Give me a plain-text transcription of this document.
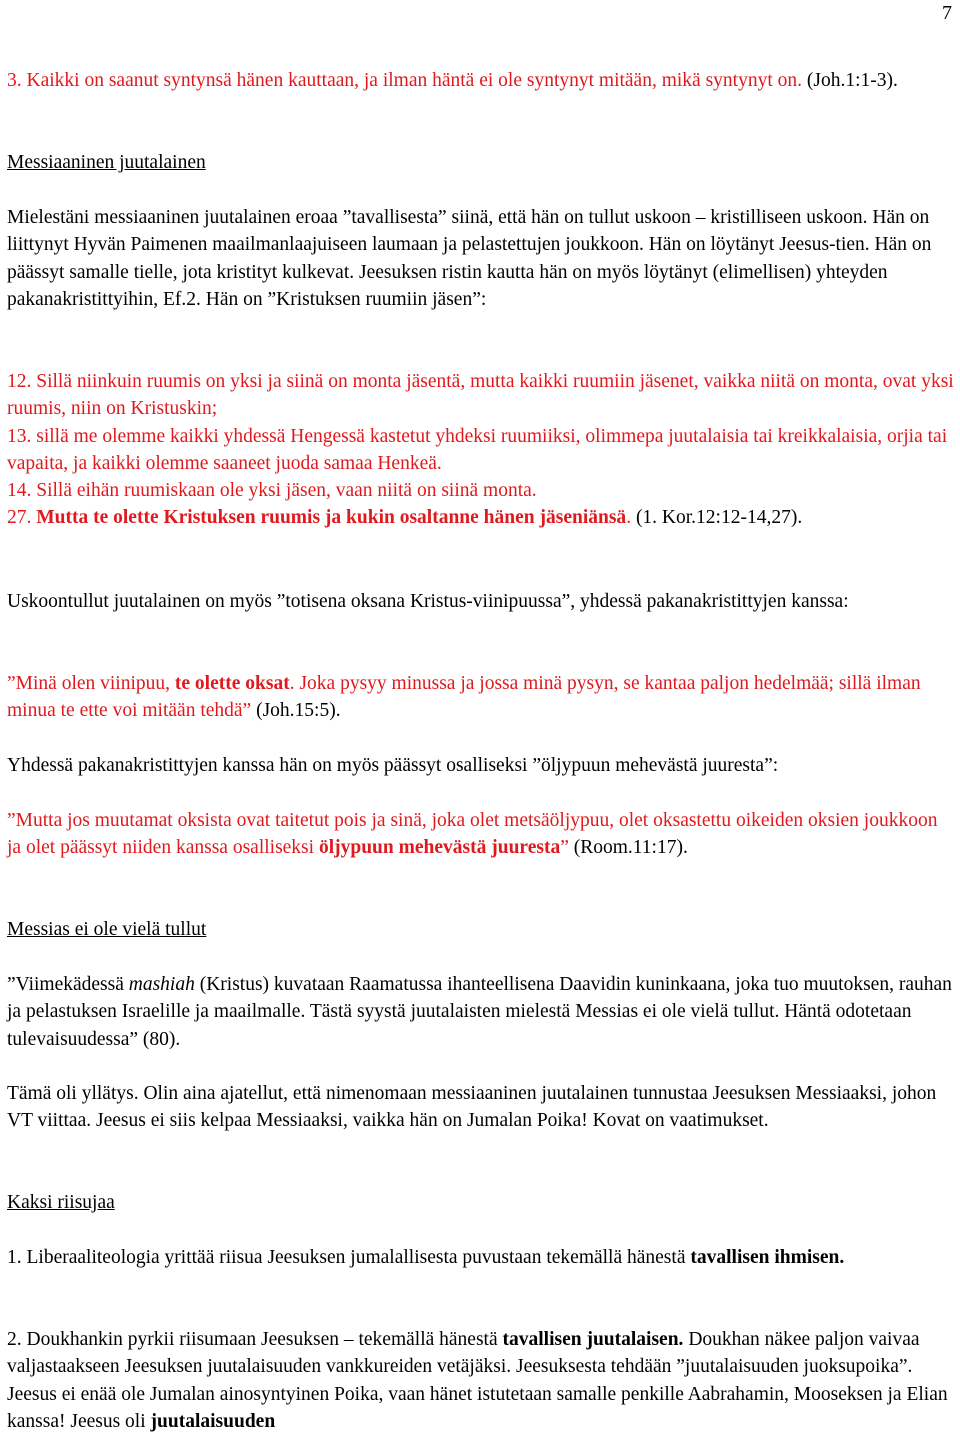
7

3. Kaikki on saanut syntynsä hänen kauttaan, ja ilman häntä ei ole syntynyt mitään, mikä syntynyt on. (Joh.1:1-3).

Messiaaninen juutalainen

Mielestäni messiaaninen juutalainen eroaa ”tavallisesta” siinä, että hän on tullut uskoon – kristilliseen uskoon. Hän on liittynyt Hyvän Paimenen maailmanlaajuiseen laumaan ja pelastettujen joukkoon. Hän on löytänyt Jeesus-tien. Hän on päässyt samalle tielle, jota kristityt kulkevat. Jeesuksen ristin kautta hän on myös löytänyt (elimellisen) yhteyden pakanakristittyihin, Ef.2. Hän on ”Kristuksen ruumiin jäsen”:

12. Sillä niinkuin ruumis on yksi ja siinä on monta jäsentä, mutta kaikki ruumiin jäsenet, vaikka niitä on monta, ovat yksi ruumis, niin on Kristuskin;
13. sillä me olemme kaikki yhdessä Hengessä kastetut yhdeksi ruumiiksi, olimmepa juutalaisia tai kreikkalaisia, orjia tai vapaita, ja kaikki olemme saaneet juoda samaa Henkeä.
14. Sillä eihän ruumiskaan ole yksi jäsen, vaan niitä on siinä monta.
27. Mutta te olette Kristuksen ruumis ja kukin osaltanne hänen jäseniänsä. (1. Kor.12:12-14,27).

Uskoontullut juutalainen on myös ”totisena oksana Kristus-viinipuussa”, yhdessä pakanakristittyjen kanssa:

”Minä olen viinipuu, te olette oksat. Joka pysyy minussa ja jossa minä pysyn, se kantaa paljon hedelmää; sillä ilman minua te ette voi mitään tehdä” (Joh.15:5).

Yhdessä pakanakristittyjen kanssa hän on myös päässyt osalliseksi ”öljypuun mehevästä juuresta”:

”Mutta jos muutamat oksista ovat taitetut pois ja sinä, joka olet metsäöljypuu, olet oksastettu oikeiden oksien joukkoon ja olet päässyt niiden kanssa osalliseksi öljypuun mehevästä juuresta” (Room.11:17).

Messias ei ole vielä tullut

”Viimekädessä mashiah (Kristus) kuvataan Raamatussa ihanteellisena Daavidin kuninkaana, joka tuo muutoksen, rauhan ja pelastuksen Israelille ja maailmalle. Tästä syystä juutalaisten mielestä Messias ei ole vielä tullut. Häntä odotetaan tulevaisuudessa” (80).

Tämä oli yllätys. Olin aina ajatellut, että nimenomaan messiaaninen juutalainen tunnustaa Jeesuksen Messiaaksi, johon VT viittaa. Jeesus ei siis kelpaa Messiaaksi, vaikka hän on Jumalan Poika! Kovat on vaatimukset.

Kaksi riisujaa

1. Liberaaliteologia yrittää riisua Jeesuksen jumalallisesta puvustaan tekemällä hänestä tavallisen ihmisen.

2. Doukhankin pyrkii riisumaan Jeesuksen – tekemällä hänestä tavallisen juutalaisen. Doukhan näkee paljon vaivaa valjastaakseen Jeesuksen juutalaisuuden vankkureiden vetäjäksi. Jeesuksesta tehdään ”juutalaisuuden juoksupoika”. Jeesus ei enää ole Jumalan ainosyntyinen Poika, vaan hänet istutetaan samalle penkille Aabrahamin, Mooseksen ja Elian kanssa! Jeesus oli juutalaisuuden
